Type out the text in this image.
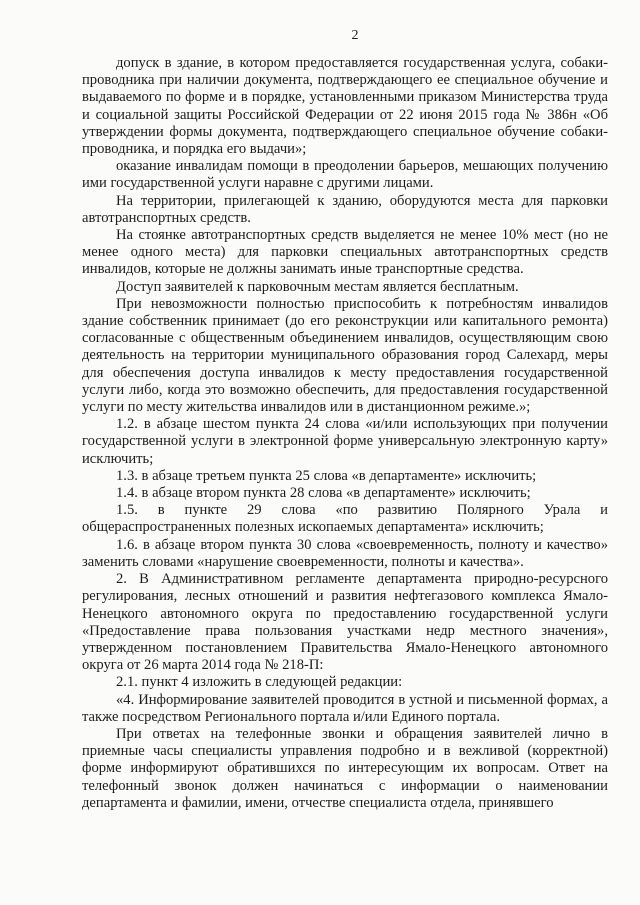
2

допуск в здание, в котором предоставляется государственная услуга, собаки-проводника при наличии документа, подтверждающего ее специальное обучение и выдаваемого по форме и в порядке, установленными приказом Министерства труда и социальной защиты Российской Федерации от 22 июня 2015 года № 386н «Об утверждении формы документа, подтверждающего специальное обучение собаки-проводника, и порядка его выдачи»;

оказание инвалидам помощи в преодолении барьеров, мешающих получению ими государственной услуги наравне с другими лицами.

На территории, прилегающей к зданию, оборудуются места для парковки автотранспортных средств.

На стоянке автотранспортных средств выделяется не менее 10% мест (но не менее одного места) для парковки специальных автотранспортных средств инвалидов, которые не должны занимать иные транспортные средства.

Доступ заявителей к парковочным местам является бесплатным.

При невозможности полностью приспособить к потребностям инвалидов здание собственник принимает (до его реконструкции или капитального ремонта) согласованные с общественным объединением инвалидов, осуществляющим свою деятельность на территории муниципального образования город Салехард, меры для обеспечения доступа инвалидов к месту предоставления государственной услуги либо, когда это возможно обеспечить, для предоставления государственной услуги по месту жительства инвалидов или в дистанционном режиме.»;

1.2. в абзаце шестом пункта 24 слова «и/или использующих при получении государственной услуги в электронной форме универсальную электронную карту» исключить;

1.3. в абзаце третьем пункта 25 слова «в департаменте» исключить;

1.4. в абзаце втором пункта 28 слова «в департаменте» исключить;

1.5. в пункте 29 слова «по развитию Полярного Урала и общераспространенных полезных ископаемых департамента» исключить;

1.6. в абзаце втором пункта 30 слова «своевременность, полноту и качество» заменить словами «нарушение своевременности, полноты и качества».

2. В Административном регламенте департамента природно-ресурсного регулирования, лесных отношений и развития нефтегазового комплекса Ямало-Ненецкого автономного округа по предоставлению государственной услуги «Предоставление права пользования участками недр местного значения», утвержденном постановлением Правительства Ямало-Ненецкого автономного округа от 26 марта 2014 года № 218-П:

2.1. пункт 4 изложить в следующей редакции:

«4. Информирование заявителей проводится в устной и письменной формах, а также посредством Регионального портала и/или Единого портала.

При ответах на телефонные звонки и обращения заявителей лично в приемные часы специалисты управления подробно и в вежливой (корректной) форме информируют обратившихся по интересующим их вопросам. Ответ на телефонный звонок должен начинаться с информации о наименовании департамента и фамилии, имени, отчестве специалиста отдела, принявшего
